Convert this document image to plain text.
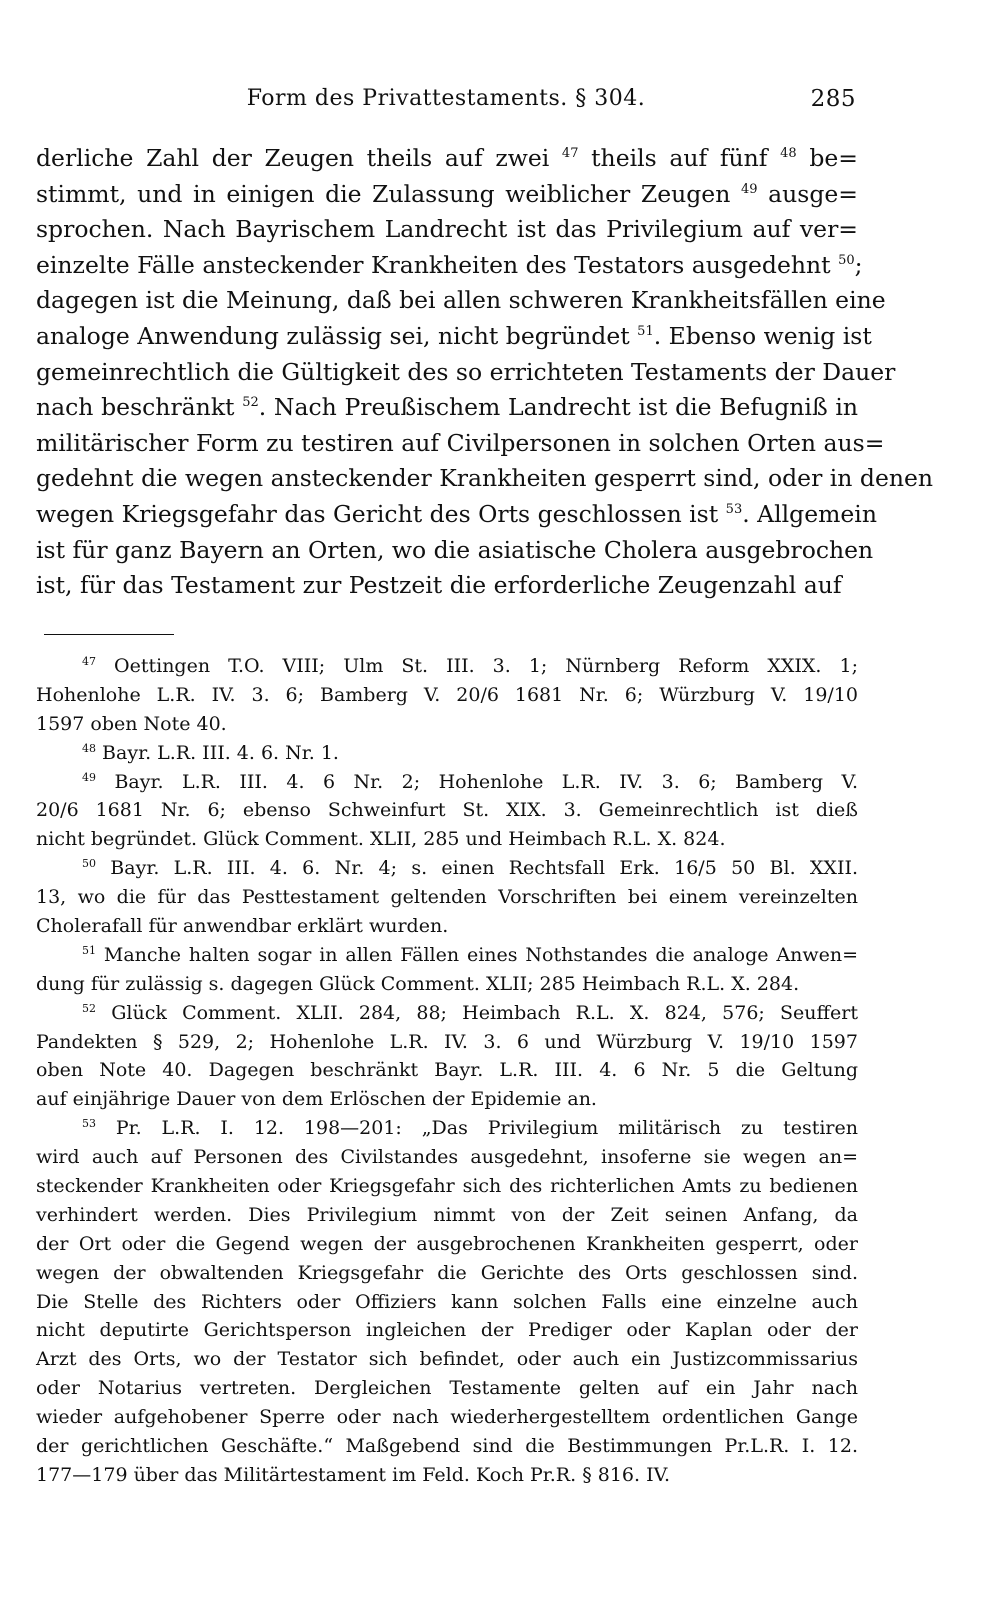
Form des Privattestaments. § 304.	285
derliche Zahl der Zeugen theils auf zwei $^{47}$ theils auf fünf $^{48}$ be=
stimmt, und in einigen die Zulassung weiblicher Zeugen $^{49}$ ausge=
sprochen. Nach Bayrischem Landrecht ist das Privilegium auf ver=
einzelte Fälle ansteckender Krankheiten des Testators ausgedehnt $^{50}$;
dagegen ist die Meinung, daß bei allen schweren Krankheitsfällen eine
analoge Anwendung zulässig sei, nicht begründet $^{51}$. Ebenso wenig ist
gemeinrechtlich die Gültigkeit des so errichteten Testaments der Dauer
nach beschränkt $^{52}$. Nach Preußischem Landrecht ist die Befugniß in
militärischer Form zu testiren auf Civilpersonen in solchen Orten aus=
gedehnt die wegen ansteckender Krankheiten gesperrt sind, oder in denen
wegen Kriegsgefahr das Gericht des Orts geschlossen ist $^{53}$. Allgemein
ist für ganz Bayern an Orten, wo die asiatische Cholera ausgebrochen
ist, für das Testament zur Pestzeit die erforderliche Zeugenzahl auf
$^{47}$ Oettingen T.O. VIII; Ulm St. III. 3. 1; Nürnberg Reform XXIX. 1;
Hohenlohe L.R. IV. 3. 6; Bamberg V. 20/6 1681 Nr. 6; Würzburg V. 19/10
1597 oben Note 40.
$^{48}$ Bayr. L.R. III. 4. 6. Nr. 1.
$^{49}$ Bayr. L.R. III. 4. 6 Nr. 2; Hohenlohe L.R. IV. 3. 6; Bamberg V.
20/6 1681 Nr. 6; ebenso Schweinfurt St. XIX. 3. Gemeinrechtlich ist dieß
nicht begründet. Glück Comment. XLII, 285 und Heimbach R.L. X. 824.
$^{50}$ Bayr. L.R. III. 4. 6. Nr. 4; s. einen Rechtsfall Erk. 16/5 50 Bl. XXII.
13, wo die für das Pesttestament geltenden Vorschriften bei einem vereinzelten
Cholerafall für anwendbar erklärt wurden.
$^{51}$ Manche halten sogar in allen Fällen eines Nothstandes die analoge Anwen=
dung für zulässig s. dagegen Glück Comment. XLII; 285 Heimbach R.L. X. 284.
$^{52}$ Glück Comment. XLII. 284, 88; Heimbach R.L. X. 824, 576; Seuffert
Pandekten § 529, 2; Hohenlohe L.R. IV. 3. 6 und Würzburg V. 19/10 1597
oben Note 40. Dagegen beschränkt Bayr. L.R. III. 4. 6 Nr. 5 die Geltung
auf einjährige Dauer von dem Erlöschen der Epidemie an.
$^{53}$ Pr. L.R. I. 12. 198—201: „Das Privilegium militärisch zu testiren
wird auch auf Personen des Civilstandes ausgedehnt, insoferne sie wegen an=
steckender Krankheiten oder Kriegsgefahr sich des richterlichen Amts zu bedienen
verhindert werden. Dies Privilegium nimmt von der Zeit seinen Anfang, da
der Ort oder die Gegend wegen der ausgebrochenen Krankheiten gesperrt, oder
wegen der obwaltenden Kriegsgefahr die Gerichte des Orts geschlossen sind.
Die Stelle des Richters oder Offiziers kann solchen Falls eine einzelne auch
nicht deputirte Gerichtsperson ingleichen der Prediger oder Kaplan oder der
Arzt des Orts, wo der Testator sich befindet, oder auch ein Justizcommissarius
oder Notarius vertreten. Dergleichen Testamente gelten auf ein Jahr nach
wieder aufgehobener Sperre oder nach wiederhergestelltem ordentlichen Gange
der gerichtlichen Geschäfte.“ Maßgebend sind die Bestimmungen Pr.L.R. I. 12.
177—179 über das Militärtestament im Feld. Koch Pr.R. § 816. IV.
